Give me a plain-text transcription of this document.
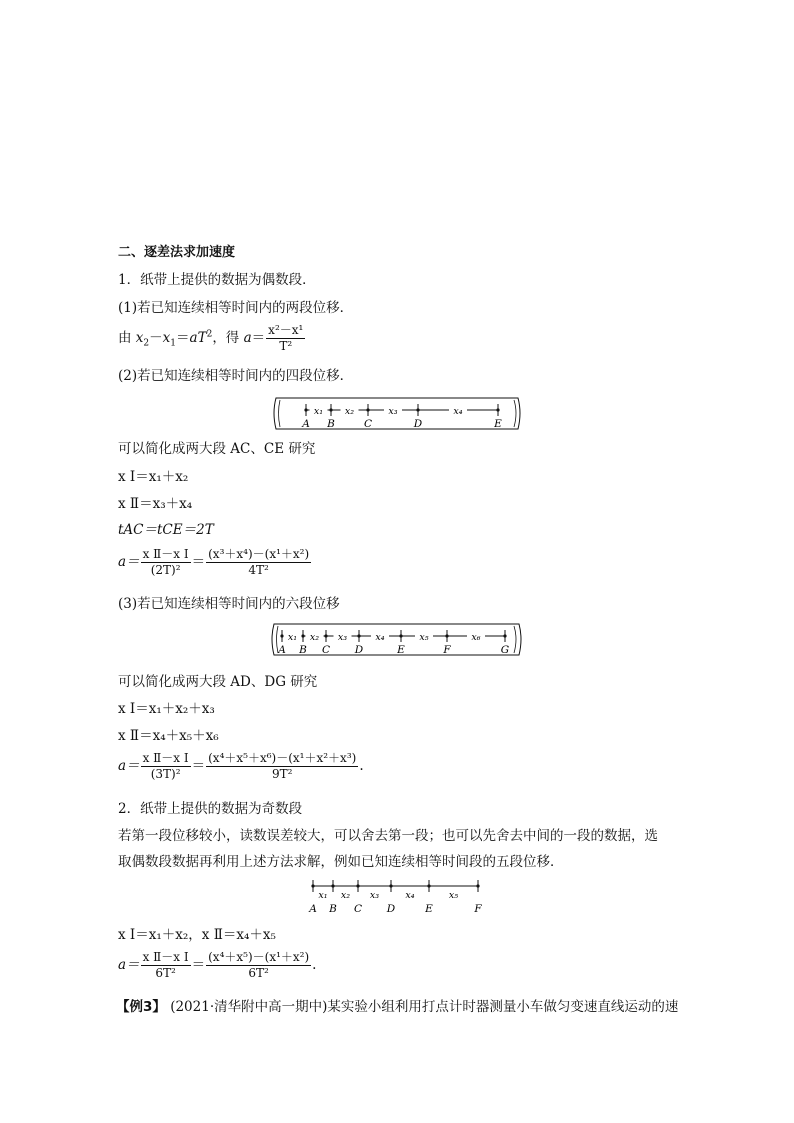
二、逐差法求加速度
1．纸带上提供的数据为偶数段．
(1)若已知连续相等时间内的两段位移．
由 $x_2-x_1=aT^2$，得 $a= \frac{\text{x²－x¹}}{\text{T²}}$
(2)若已知连续相等时间内的四段位移．
A B	C	D	E
x₁ x₂	x₃	x₄
可以简化成两大段 AC、CE 研究
x Ⅰ＝x₁＋x₂
x Ⅱ＝x₃＋x₄
tAC＝tCE＝2T
$a= \frac{\text{x Ⅱ－x Ⅰ}}{\text{(2T)²}} = \frac{\text{(x³＋x⁴)－(x¹＋x²)}}{\text{4T²}}$
(3)若已知连续相等时间内的六段位移
A B C D	E	F	G
x₁ x₂ x₃	x₄	x₅	x₆
可以简化成两大段 AD、DG 研究
x Ⅰ＝x₁＋x₂＋x₃
x Ⅱ＝x₄＋x₅＋x₆
$a= \frac{\text{x Ⅱ－x Ⅰ}}{\text{(3T)²}} = \frac{\text{(x⁴＋x⁵＋x⁶)－(x¹＋x²＋x³)}}{\text{9T²}}$ .
2．纸带上提供的数据为奇数段
若第一段位移较小，读数误差较大，可以舍去第一段；也可以先舍去中间的一段的数据，选
取偶数段数据再利用上述方法求解，例如已知连续相等时间段的五段位移．
A B C D	E	F
x₁ x₂ x₃	x₄	x₅
x Ⅰ＝x₁＋x₂，x Ⅱ＝x₄＋x₅
$a= \frac{\text{x Ⅱ－x Ⅰ}}{\text{6T²}} = \frac{\text{(x⁴＋x⁵)－(x¹＋x²)}}{\text{6T²}}$ .
【例3】 (2021·清华附中高一期中)某实验小组利用打点计时器测量小车做匀变速直线运动的速
